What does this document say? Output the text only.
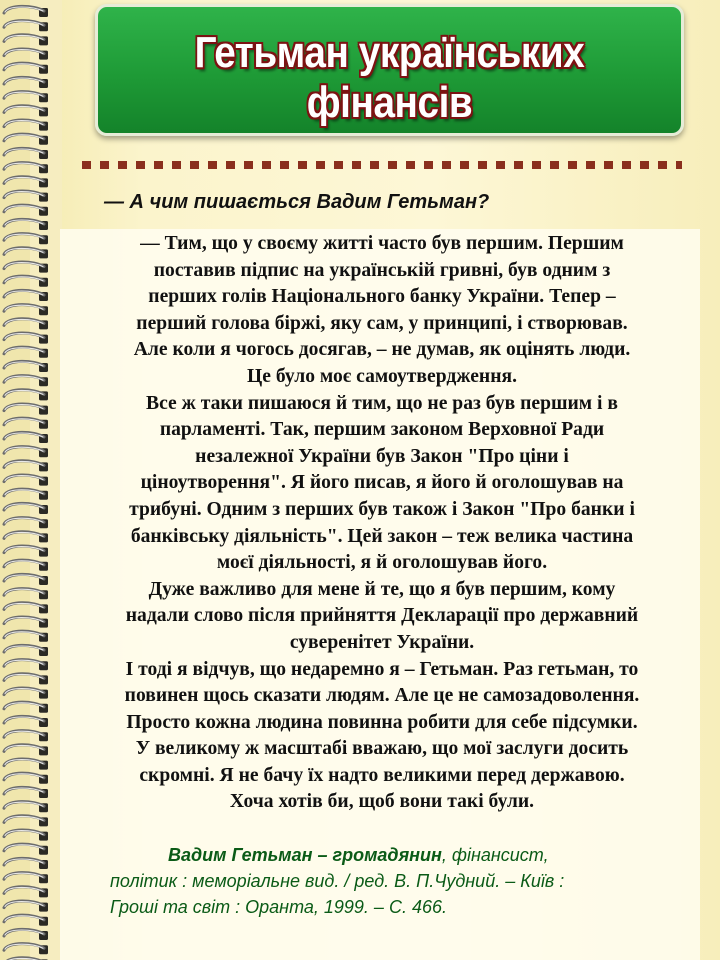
Гетьман українських фінансів
— А чим пишається Вадим Гетьман?
— Тим, що у своєму житті часто був першим. Першим
поставив підпис на українській гривні, був одним з
перших голів Національного банку України. Тепер –
перший голова біржі, яку сам, у принципі, і створював.
Але коли я чогось досягав, – не думав, як оцінять люди.
Це було моє самоутвердження.
Все ж таки пишаюся й тим, що не раз був першим і в
парламенті. Так, першим законом Верховної Ради
незалежної України був Закон "Про ціни і
ціноутворення". Я його писав, я його й оголошував на
трибуні. Одним з перших був також і Закон "Про банки і
банківську діяльність". Цей закон – теж велика частина
моєї діяльності, я й оголошував його.
Дуже важливо для мене й те, що я був першим, кому
надали слово після прийняття Декларації про державний
суверенітет України.
І тоді я відчув, що недаремно я – Гетьман. Раз гетьман, то
повинен щось сказати людям. Але це не самозадоволення.
Просто кожна людина повинна робити для себе підсумки.
У великому ж масштабі вважаю, що мої заслуги досить
скромні. Я не бачу їх надто великими перед державою.
Хоча хотів би, щоб вони такі були.
Вадим Гетьман – громадянин, фінансист,
політик : меморіальне вид. / ред. В. П.Чудний. – Київ :
Гроші та світ : Оранта, 1999. – С. 466.
